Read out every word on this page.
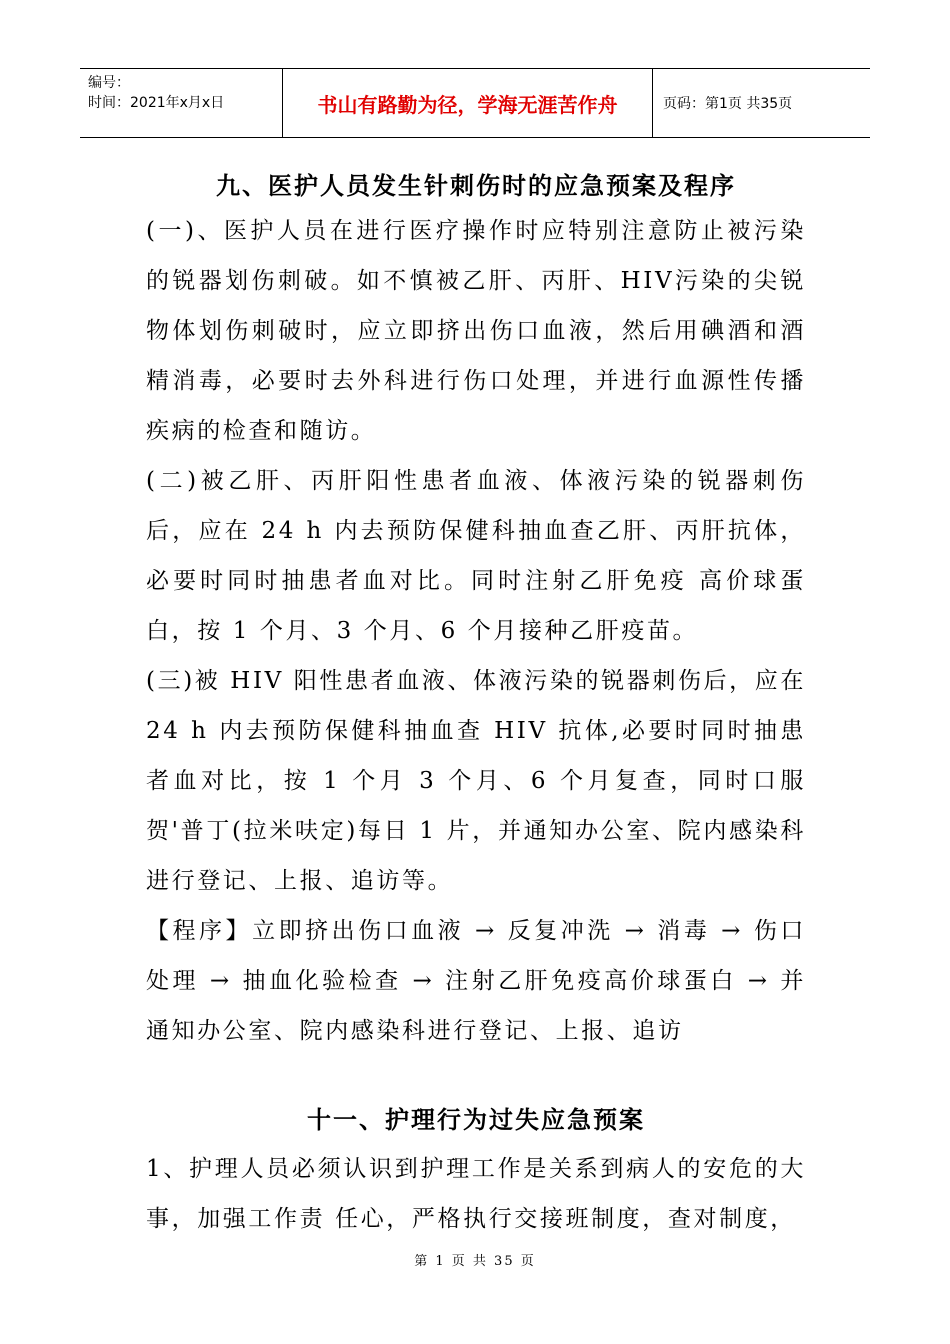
编号：
时间：2021年x月x日	书山有路勤为径，学海无涯苦作舟	页码：第1页 共35页
九、医护人员发生针刺伤时的应急预案及程序
(一)、医护人员在进行医疗操作时应特别注意防止被污染的锐器划伤刺破。如不慎被乙肝、丙肝、HIV污染的尖锐物体划伤刺破时，应立即挤出伤口血液，然后用碘酒和酒精消毒，必要时去外科进行伤口处理，并进行血源性传播疾病的检查和随访。
(二)被乙肝、丙肝阳性患者血液、体液污染的锐器刺伤后，应在 24 h 内去预防保健科抽血查乙肝、丙肝抗体，必要时同时抽患者血对比。同时注射乙肝免疫 高价球蛋白，按 1 个月、3 个月、6 个月接种乙肝疫苗。
(三)被 HIV 阳性患者血液、体液污染的锐器刺伤后，应在 24 h 内去预防保健科抽血查 HIV 抗体,必要时同时抽患者血对比，按 1 个月 3 个月、6 个月复查，同时口服贺'普丁(拉米呋定)每日 1 片，并通知办公室、院内感染科进行登记、上报、追访等。
【程序】立即挤出伤口血液 → 反复冲洗 → 消毒 → 伤口处理 → 抽血化验检查 → 注射乙肝免疫高价球蛋白 → 并通知办公室、院内感染科进行登记、上报、追访
十一、护理行为过失应急预案
1、护理人员必须认识到护理工作是关系到病人的安危的大事，加强工作责 任心，严格执行交接班制度，查对制度，
第 1 页 共 35 页
